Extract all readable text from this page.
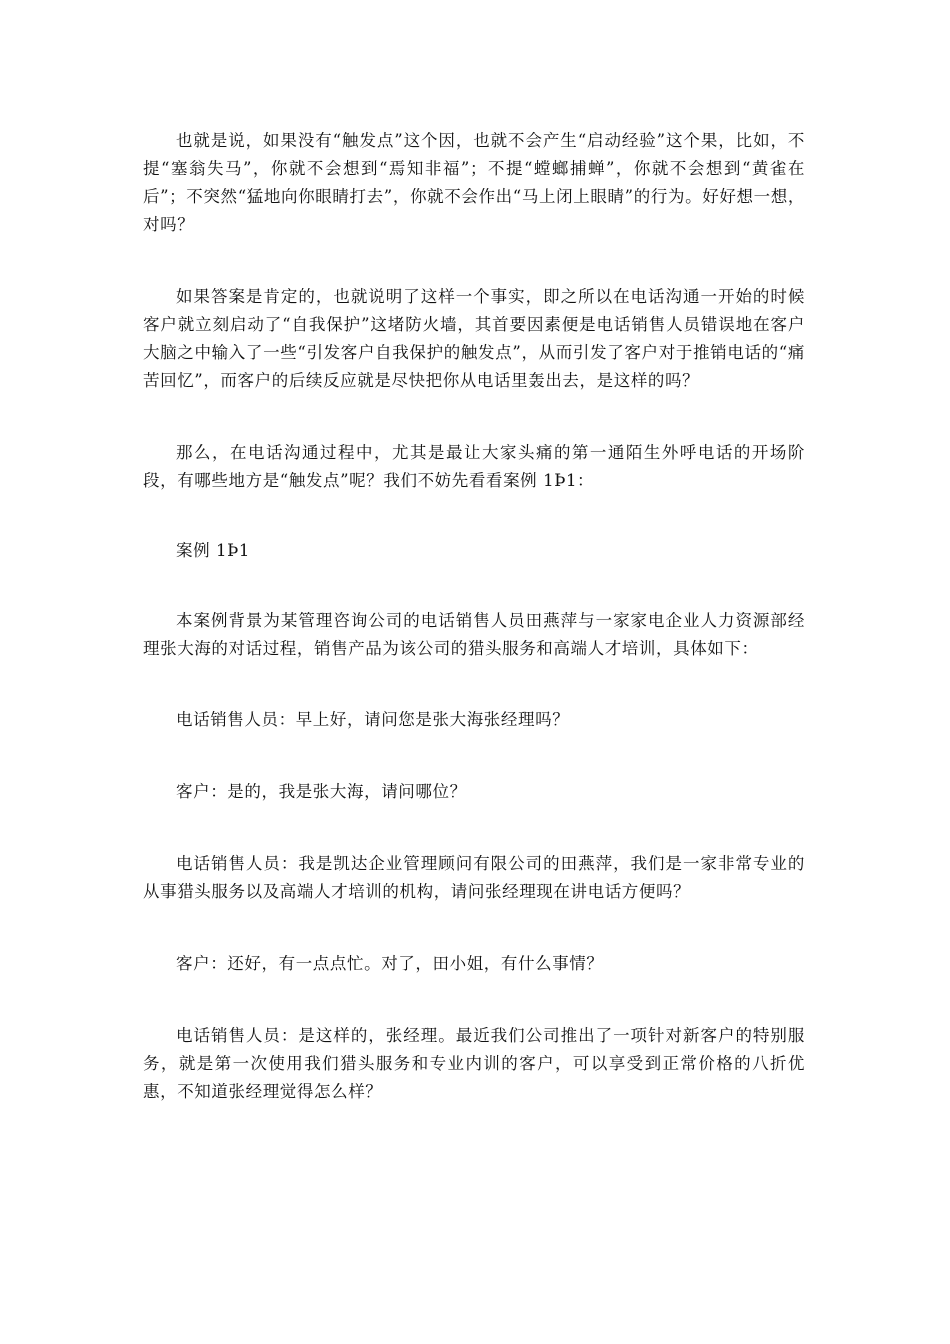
也就是说，如果没有“触发点”这个因，也就不会产生“启动经验”这个果，比如，不提“塞翁失马”，你就不会想到“焉知非福”；不提“螳螂捕蝉”，你就不会想到“黄雀在后”；不突然“猛地向你眼睛打去”，你就不会作出“马上闭上眼睛”的行为。好好想一想，对吗？

如果答案是肯定的，也就说明了这样一个事实，即之所以在电话沟通一开始的时候客户就立刻启动了“自我保护”这堵防火墙，其首要因素便是电话销售人员错误地在客户大脑之中输入了一些“引发客户自我保护的触发点”，从而引发了客户对于推销电话的“痛苦回忆”，而客户的后续反应就是尽快把你从电话里轰出去，是这样的吗？

那么，在电话沟通过程中，尤其是最让大家头痛的第一通陌生外呼电话的开场阶段，有哪些地方是“触发点”呢？我们不妨先看看案例 1Þ1：

案例 1Þ1

本案例背景为某管理咨询公司的电话销售人员田燕萍与一家家电企业人力资源部经理张大海的对话过程，销售产品为该公司的猎头服务和高端人才培训，具体如下：

电话销售人员：早上好，请问您是张大海张经理吗？

客户：是的，我是张大海，请问哪位？

电话销售人员：我是凯达企业管理顾问有限公司的田燕萍，我们是一家非常专业的从事猎头服务以及高端人才培训的机构，请问张经理现在讲电话方便吗？

客户：还好，有一点点忙。对了，田小姐，有什么事情？

电话销售人员：是这样的，张经理。最近我们公司推出了一项针对新客户的特别服务，就是第一次使用我们猎头服务和专业内训的客户，可以享受到正常价格的八折优惠，不知道张经理觉得怎么样？
